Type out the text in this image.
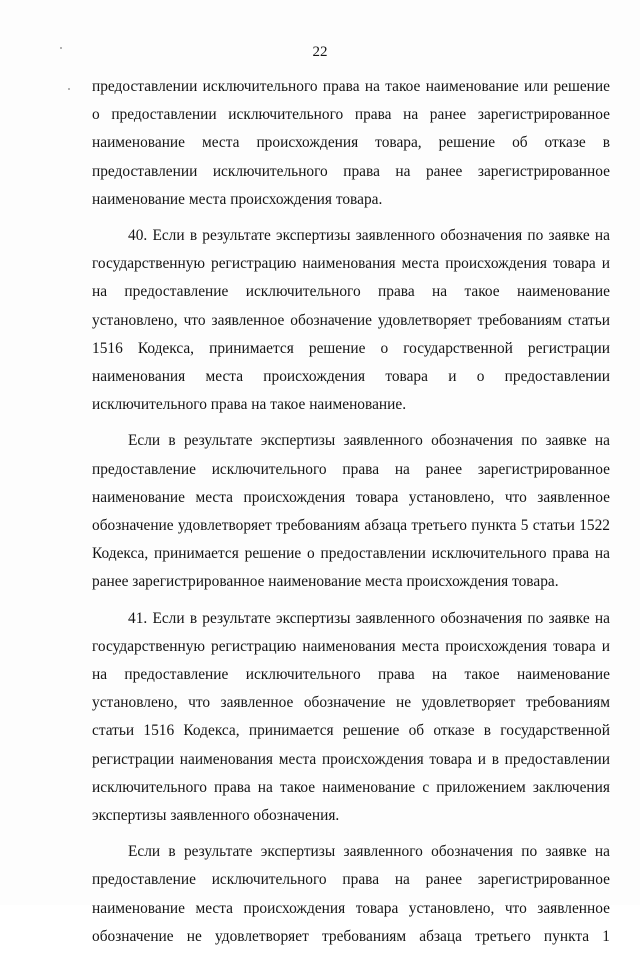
22

предоставлении исключительного права на такое наименование или решение о предоставлении исключительного права на ранее зарегистрированное наименование места происхождения товара, решение об отказе в предоставлении исключительного права на ранее зарегистрированное наименование места происхождения товара.

40. Если в результате экспертизы заявленного обозначения по заявке на государственную регистрацию наименования места происхождения товара и на предоставление исключительного права на такое наименование установлено, что заявленное обозначение удовлетворяет требованиям статьи 1516 Кодекса, принимается решение о государственной регистрации наименования места происхождения товара и о предоставлении исключительного права на такое наименование.

Если в результате экспертизы заявленного обозначения по заявке на предоставление исключительного права на ранее зарегистрированное наименование места происхождения товара установлено, что заявленное обозначение удовлетворяет требованиям абзаца третьего пункта 5 статьи 1522 Кодекса, принимается решение о предоставлении исключительного права на ранее зарегистрированное наименование места происхождения товара.

41. Если в результате экспертизы заявленного обозначения по заявке на государственную регистрацию наименования места происхождения товара и на предоставление исключительного права на такое наименование установлено, что заявленное обозначение не удовлетворяет требованиям статьи 1516 Кодекса, принимается решение об отказе в государственной регистрации наименования места происхождения товара и в предоставлении исключительного права на такое наименование с приложением заключения экспертизы заявленного обозначения.

Если в результате экспертизы заявленного обозначения по заявке на предоставление исключительного права на ранее зарегистрированное наименование места происхождения товара установлено, что заявленное обозначение не удовлетворяет требованиям абзаца третьего пункта 1
